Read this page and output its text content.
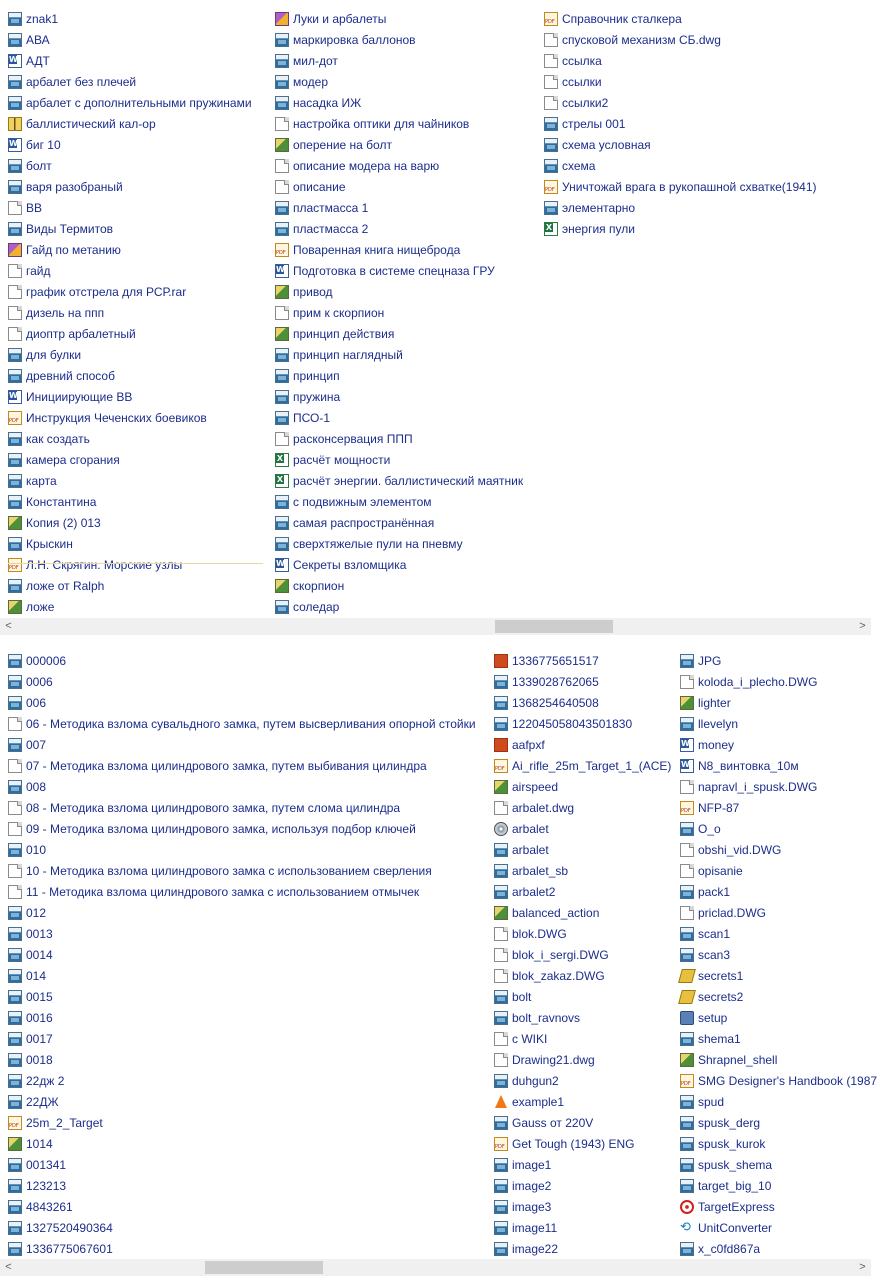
znak1
АВА
W
АДТ
арбалет без плечей
арбалет с дополнительными пружинами
баллистический кал-ор
W
биг 10
болт
варя разобраный
ВВ
Виды Термитов
Гайд по метанию
гайд
график отстрела для РСР.rar
дизель на ппп
диоптр арбалетный
для булки
древний способ
W
Инициирующие ВВ
PDF
Инструкция Чеченских боевиков
как создать
камера сгорания
карта
Константина
Копия (2) 013
Крыскин
PDF
Л.Н. Скрягин. Морские узлы
ложе от Ralph
ложе
Луки и арбалеты
маркировка баллонов
мил-дот
модер
насадка ИЖ
настройка оптики для чайников
оперение на болт
описание модера на варю
описание
пластмасса 1
пластмасса 2
PDF
Поваренная книга нищеброда
W
Подготовка в системе спецназа ГРУ
привод
прим к скорпион
принцип действия
принцип наглядный
принцип
пружина
ПСО-1
расконсервация ППП
X
расчёт мощности
X
расчёт энергии. баллистический маятник
с подвижным элементом
самая распространённая
сверхтяжелые пули на пневму
W
Секреты взломщика
скорпион
соледар
PDF
Справочник сталкера
спусковой механизм СБ.dwg
ссылка
ссылки
ссылки2
стрелы 001
схема условная
схема
PDF
Уничтожай врага в рукопашной схватке(1941)
элементарно
X
энергия пули
<	>
000006
0006
006
06 - Методика взлома сувальдного замка, путем высверливания опорной стойки
007
07 - Методика взлома цилиндрового замка, путем выбивания цилиндра
008
08 - Методика взлома цилиндрового замка, путем слома цилиндра
09 - Методика взлома цилиндрового замка, используя подбор ключей
010
10 - Методика взлома цилиндрового замка с использованием сверления
11 - Методика взлома цилиндрового замка с использованием отмычек
012
0013
0014
014
0015
0016
0017
0018
22дж 2
22ДЖ
PDF
25m_2_Target
1014
001341
123213
4843261
1327520490364
1336775067601
1336775651517
1339028762065
1368254640508
122045058043501830
aafpxf
PDF
Ai_rifle_25m_Target_1_(ACE)
airspeed
arbalet.dwg
arbalet
arbalet
arbalet_sb
arbalet2
balanced_action
blok.DWG
blok_i_sergi.DWG
blok_zakaz.DWG
bolt
bolt_ravnovs
c WIKI
Drawing21.dwg
duhgun2
example1
Gauss от 220V
PDF
Get Tough (1943) ENG
image1
image2
image3
image11
image22
JPG
koloda_i_plecho.DWG
lighter
llevelyn
W
money
W
N8_винтовка_10м
napravl_i_spusk.DWG
PDF
NFP-87
O_o
obshi_vid.DWG
opisanie
pack1
priclad.DWG
scan1
scan3
secrets1
secrets2
setup
shema1
Shrapnel_shell
PDF
SMG Designer's Handbook (1987
spud
spusk_derg
spusk_kurok
spusk_shema
target_big_10
TargetExpress
⟲
UnitConverter
x_c0fd867a
<	>
